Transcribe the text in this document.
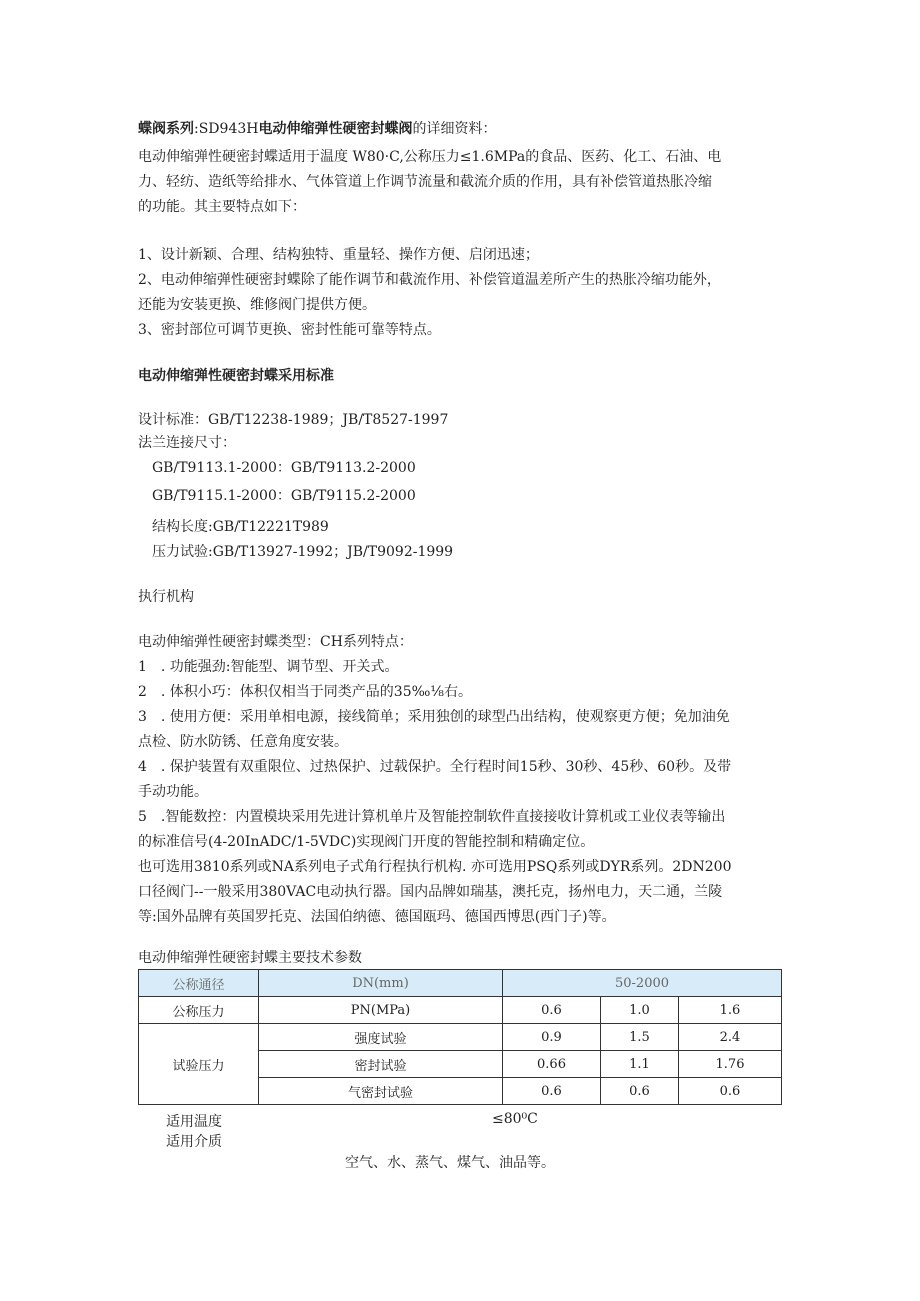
蝶阀系列:SD943H电动伸缩弹性硬密封蝶阀的详细资料：
电动伸缩弹性硬密封蝶适用于温度 W80·C,公称压力≤1.6MPa的食品、医药、化工、石油、电
力、轻纺、造纸等给排水、气体管道上作调节流量和截流介质的作用，具有补偿管道热胀冷缩
的功能。其主要特点如下：
1、设计新颖、合理、结构独特、重量轻、操作方便、启闭迅速；
2、电动伸缩弹性硬密封蝶除了能作调节和截流作用、补偿管道温差所产生的热胀冷缩功能外，
还能为安装更换、维修阀门提供方便。
3、密封部位可调节更换、密封性能可靠等特点。
电动伸缩弹性硬密封蝶采用标准
设计标准：GB/T12238-1989；JB/T8527-1997
法兰连接尺寸：
GB/T9113.1-2000：GB/T9113.2-2000
GB/T9115.1-2000：GB/T9115.2-2000
结构长度:GB/T12221T989
压力试验:GB/T13927-1992；JB/T9092-1999
执行机构
电动伸缩弹性硬密封蝶类型：CH系列特点：
1　. 功能强劲:智能型、调节型、开关式。
2　. 体积小巧：体积仅相当于同类产品的35‰⅛右。
3　. 使用方便：采用单相电源，接线简单；采用独创的球型凸出结构，使观察更方便；免加油免
点检、防水防锈、任意角度安装。
4　. 保护装置有双重限位、过热保护、过载保护。全行程时间15秒、30秒、45秒、60秒。及带
手动功能。
5　.智能数控：内置模块采用先进计算机单片及智能控制软件直接接收计算机或工业仪表等输出
的标准信号(4-20InADC/1-5VDC)实现阀门开度的智能控制和精确定位。
也可选用3810系列或NA系列电子式角行程执行机构. 亦可选用PSQ系列或DYR系列。2DN200
口径阀门--一般采用380VAC电动执行器。国内品牌如瑞基，澳托克，扬州电力，天二通，兰陵
等:国外品牌有英国罗托克、法国伯纳德、德国瓯玛、德国西博思(西门子)等。
电动伸缩弹性硬密封蝶主要技术参数
公称通径	DN(mm)	50-2000		
公称压力	PN(MPa)	0.6	1.0	1.6
试验压力	强度试验	0.9	1.5	2.4
	密封试验	0.66	1.1	1.76
	气密封试验	0.6	0.6	0.6
适用温度	≤80⁰C
适用介质
空气、水、蒸气、煤气、油品等。
